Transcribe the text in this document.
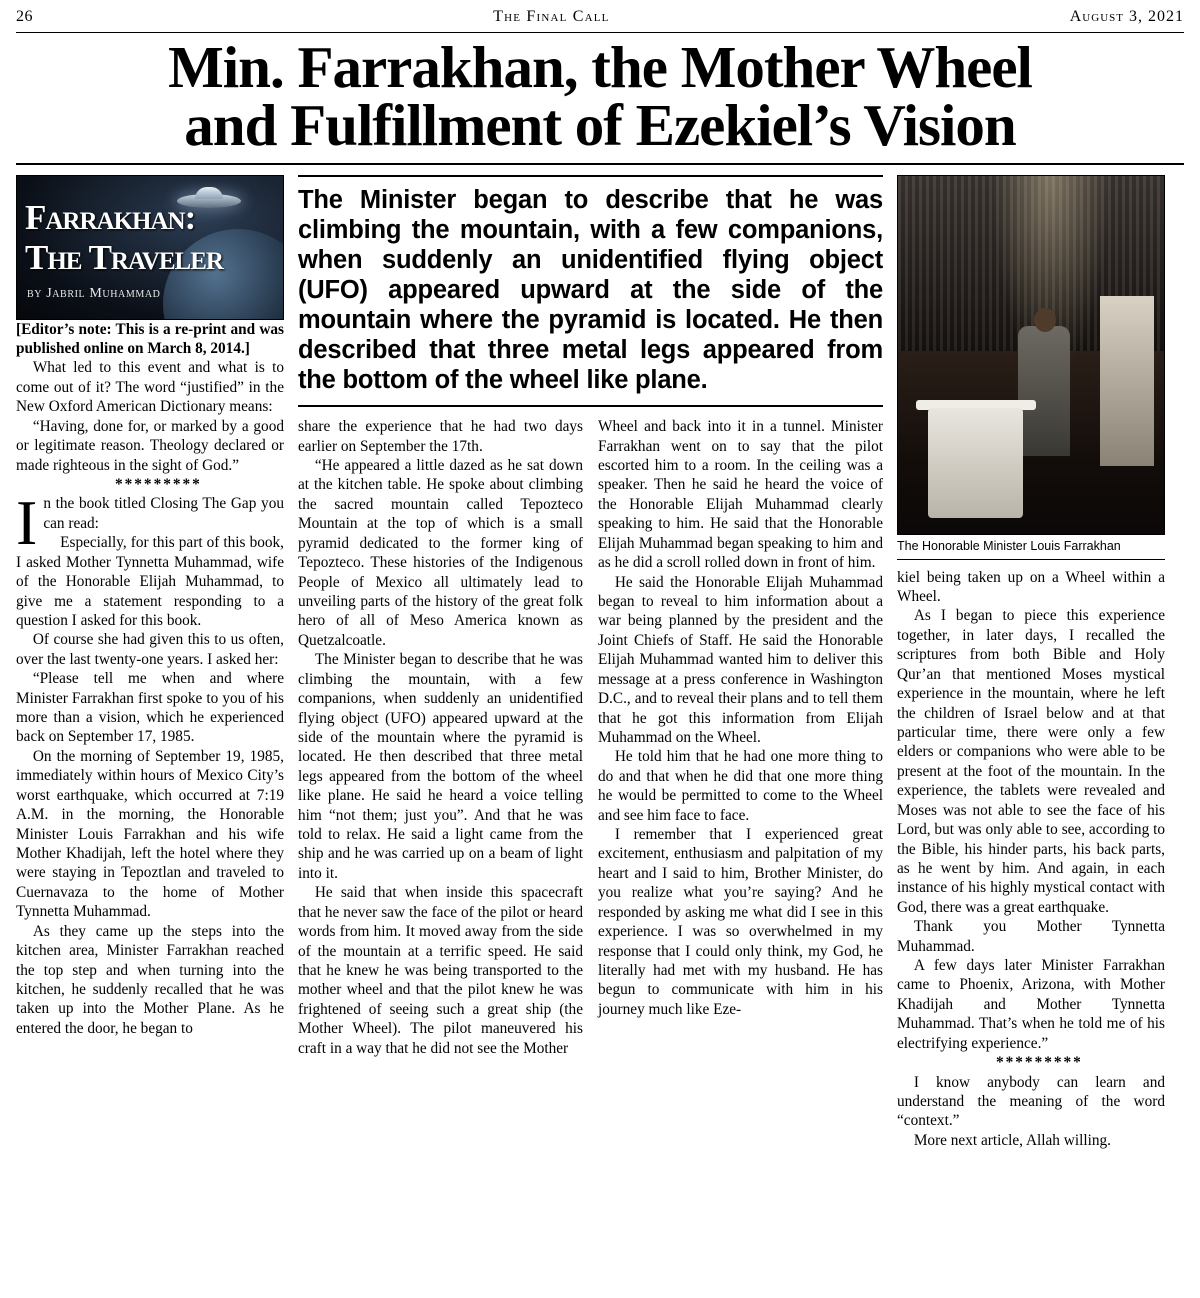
26	The Final Call	August 3, 2021
Min. Farrakhan, the Mother Wheel
and Fulfillment of Ezekiel’s Vision
Farrakhan:
The Traveler
by Jabril Muhammad

[Editor’s note: This is a re-print and was published online on March 8, 2014.]

What led to this event and what is to come out of it? The word “justified” in the New Oxford American Dictionary means:

“Having, done for, or marked by a good or legitimate reason. Theology declared or made righteous in the sight of God.”

*********

In the book titled Closing The Gap you can read:

Especially, for this part of this book, I asked Mother Tynnetta Muhammad, wife of the Honorable Elijah Muhammad, to give me a statement responding to a question I asked for this book.

Of course she had given this to us often, over the last twenty-one years. I asked her:

“Please tell me when and where Minister Farrakhan first spoke to you of his more than a vision, which he experienced back on September 17, 1985.

On the morning of September 19, 1985, immediately within hours of Mexico City’s worst earthquake, which occurred at 7:19 A.M. in the morning, the Honorable Minister Louis Farrakhan and his wife Mother Khadijah, left the hotel where they were staying in Tepoztlan and traveled to Cuernavaza to the home of Mother Tynnetta Muhammad.

As they came up the steps into the kitchen area, Minister Farrakhan reached the top step and when turning into the kitchen, he suddenly recalled that he was taken up into the Mother Plane. As he entered the door, he began to

The Minister began to describe that he was climbing the mountain, with a few companions, when suddenly an unidentified flying object (UFO) appeared upward at the side of the mountain where the pyramid is located. He then described that three metal legs appeared from the bottom of the wheel like plane.

share the experience that he had two days earlier on September the 17th.

“He appeared a little dazed as he sat down at the kitchen table. He spoke about climbing the sacred mountain called Tepozteco Mountain at the top of which is a small pyramid dedicated to the former king of Tepozteco. These histories of the Indigenous People of Mexico all ultimately lead to unveiling parts of the history of the great folk hero of all of Meso America known as Quetzalcoatle.

The Minister began to describe that he was climbing the mountain, with a few companions, when suddenly an unidentified flying object (UFO) appeared upward at the side of the mountain where the pyramid is located. He then described that three metal legs appeared from the bottom of the wheel like plane. He said he heard a voice telling him “not them; just you”. And that he was told to relax. He said a light came from the ship and he was carried up on a beam of light into it.

He said that when inside this spacecraft that he never saw the face of the pilot or heard words from him. It moved away from the side of the mountain at a terrific speed. He said that he knew he was being transported to the mother wheel and that the pilot knew he was frightened of seeing such a great ship (the Mother Wheel). The pilot maneuvered his craft in a way that he did not see the Mother

Wheel and back into it in a tunnel. Minister Farrakhan went on to say that the pilot escorted him to a room. In the ceiling was a speaker. Then he said he heard the voice of the Honorable Elijah Muhammad clearly speaking to him. He said that the Honorable Elijah Muhammad began speaking to him and as he did a scroll rolled down in front of him.

He said the Honorable Elijah Muhammad began to reveal to him information about a war being planned by the president and the Joint Chiefs of Staff. He said the Honorable Elijah Muhammad wanted him to deliver this message at a press conference in Washington D.C., and to reveal their plans and to tell them that he got this information from Elijah Muhammad on the Wheel.

He told him that he had one more thing to do and that when he did that one more thing he would be permitted to come to the Wheel and see him face to face.

I remember that I experienced great excitement, enthusiasm and palpitation of my heart and I said to him, Brother Minister, do you realize what you’re saying? And he responded by asking me what did I see in this experience. I was so overwhelmed in my response that I could only think, my God, he literally had met with my husband. He has begun to communicate with him in his journey much like Eze-

The Honorable Minister Louis Farrakhan

kiel being taken up on a Wheel within a Wheel.

As I began to piece this experience together, in later days, I recalled the scriptures from both Bible and Holy Qur’an that mentioned Moses mystical experience in the mountain, where he left the children of Israel below and at that particular time, there were only a few elders or companions who were able to be present at the foot of the mountain. In the experience, the tablets were revealed and Moses was not able to see the face of his Lord, but was only able to see, according to the Bible, his hinder parts, his back parts, as he went by him. And again, in each instance of his highly mystical contact with God, there was a great earthquake.

Thank you Mother Tynnetta Muhammad.

A few days later Minister Farrakhan came to Phoenix, Arizona, with Mother Khadijah and Mother Tynnetta Muhammad. That’s when he told me of his electrifying experience.”

*********

I know anybody can learn and understand the meaning of the word “context.”

More next article, Allah willing.
